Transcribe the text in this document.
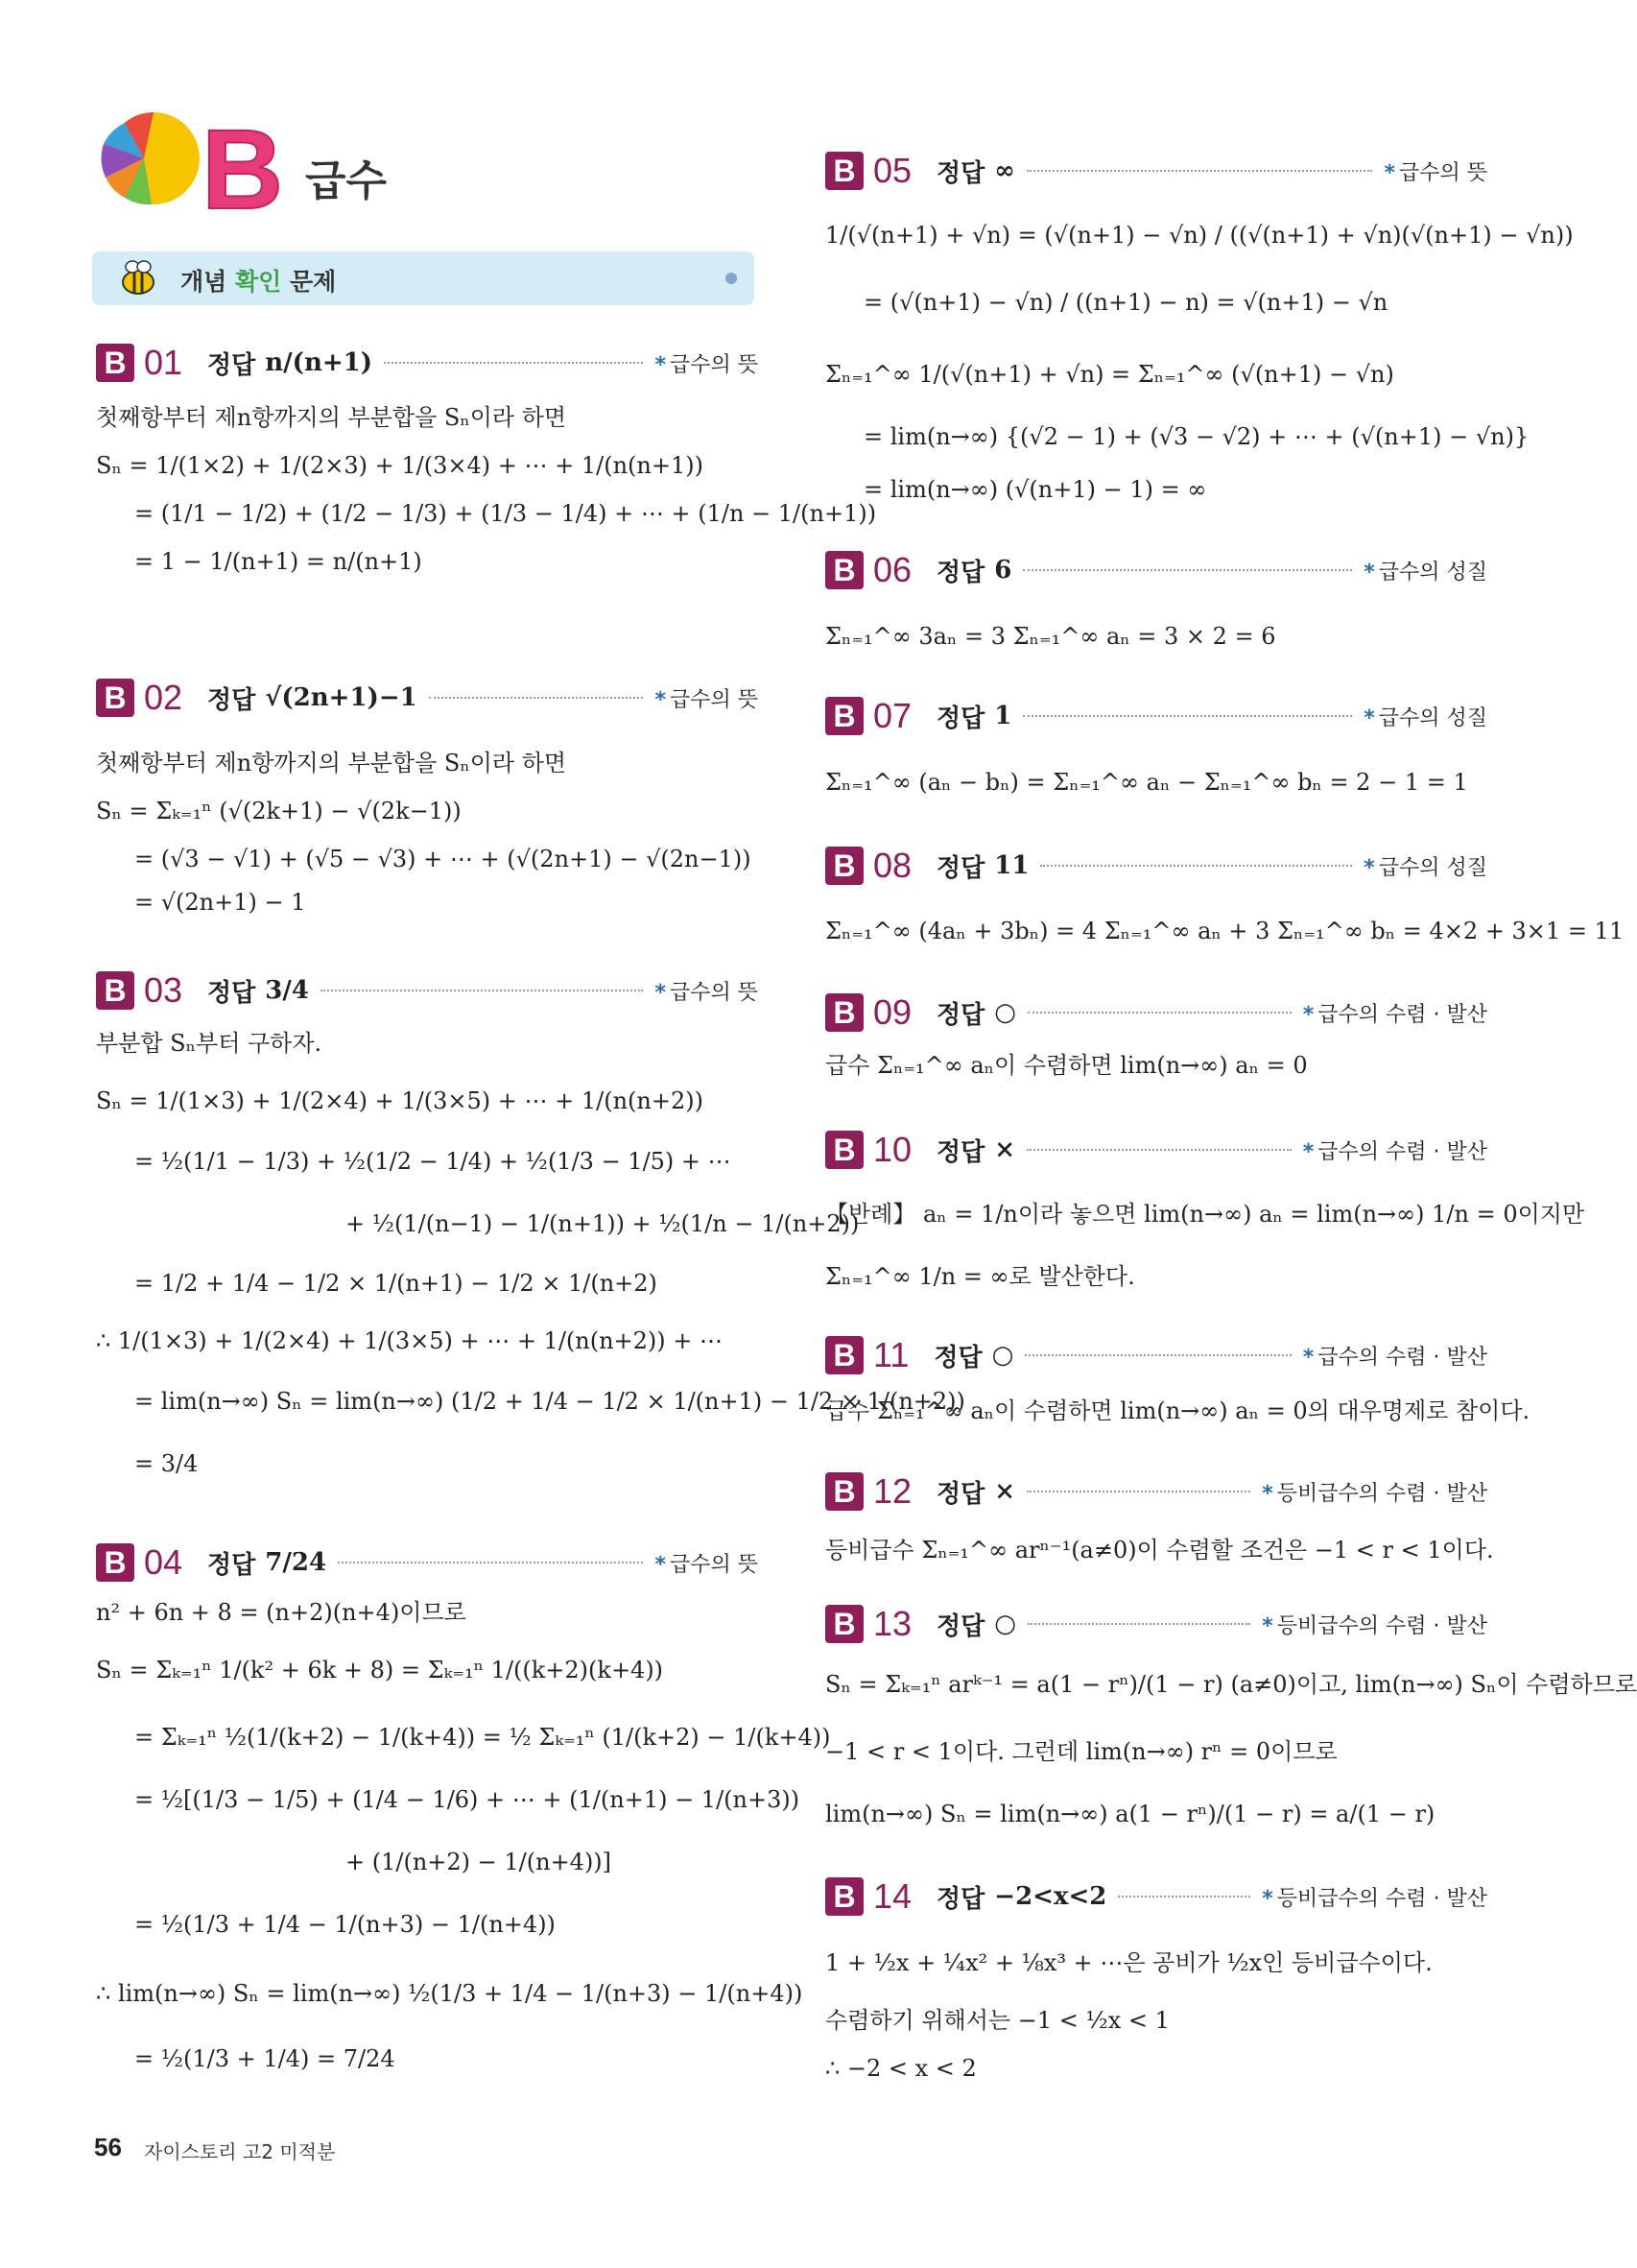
B 급수
개념 확인 문제
B 01 정답 n/(n+1)	* 급수의 뜻
첫째항부터 제n항까지의 부분합을 Sₙ이라 하면
Sₙ = 1/(1×2) + 1/(2×3) + 1/(3×4) + ⋯ + 1/(n(n+1))
= (1/1 − 1/2) + (1/2 − 1/3) + (1/3 − 1/4) + ⋯ + (1/n − 1/(n+1))
= 1 − 1/(n+1) = n/(n+1)
B 02 정답 √(2n+1)−1	* 급수의 뜻
첫째항부터 제n항까지의 부분합을 Sₙ이라 하면
Sₙ = Σₖ₌₁ⁿ (√(2k+1) − √(2k−1))
= (√3 − √1) + (√5 − √3) + ⋯ + (√(2n+1) − √(2n−1))
= √(2n+1) − 1
B 03 정답 3/4	* 급수의 뜻
부분합 Sₙ부터 구하자.
Sₙ = 1/(1×3) + 1/(2×4) + 1/(3×5) + ⋯ + 1/(n(n+2))
= ½(1/1 − 1/3) + ½(1/2 − 1/4) + ½(1/3 − 1/5) + ⋯
+ ½(1/(n−1) − 1/(n+1)) + ½(1/n − 1/(n+2))
= 1/2 + 1/4 − 1/2 × 1/(n+1) − 1/2 × 1/(n+2)
∴ 1/(1×3) + 1/(2×4) + 1/(3×5) + ⋯ + 1/(n(n+2)) + ⋯
= lim(n→∞) Sₙ = lim(n→∞) (1/2 + 1/4 − 1/2 × 1/(n+1) − 1/2 × 1/(n+2))
= 3/4
B 04 정답 7/24	* 급수의 뜻
n² + 6n + 8 = (n+2)(n+4)이므로
Sₙ = Σₖ₌₁ⁿ 1/(k² + 6k + 8) = Σₖ₌₁ⁿ 1/((k+2)(k+4))
= Σₖ₌₁ⁿ ½(1/(k+2) − 1/(k+4)) = ½ Σₖ₌₁ⁿ (1/(k+2) − 1/(k+4))
= ½[(1/3 − 1/5) + (1/4 − 1/6) + ⋯ + (1/(n+1) − 1/(n+3))
+ (1/(n+2) − 1/(n+4))]
= ½(1/3 + 1/4 − 1/(n+3) − 1/(n+4))
∴ lim(n→∞) Sₙ = lim(n→∞) ½(1/3 + 1/4 − 1/(n+3) − 1/(n+4))
= ½(1/3 + 1/4) = 7/24
B 05 정답 ∞	* 급수의 뜻
1/(√(n+1) + √n) = (√(n+1) − √n) / ((√(n+1) + √n)(√(n+1) − √n))
= (√(n+1) − √n) / ((n+1) − n) = √(n+1) − √n
Σₙ₌₁^∞ 1/(√(n+1) + √n) = Σₙ₌₁^∞ (√(n+1) − √n)
= lim(n→∞) {(√2 − 1) + (√3 − √2) + ⋯ + (√(n+1) − √n)}
= lim(n→∞) (√(n+1) − 1) = ∞
B 06 정답 6	* 급수의 성질
Σₙ₌₁^∞ 3aₙ = 3 Σₙ₌₁^∞ aₙ = 3 × 2 = 6
B 07 정답 1	* 급수의 성질
Σₙ₌₁^∞ (aₙ − bₙ) = Σₙ₌₁^∞ aₙ − Σₙ₌₁^∞ bₙ = 2 − 1 = 1
B 08 정답 11	* 급수의 성질
Σₙ₌₁^∞ (4aₙ + 3bₙ) = 4 Σₙ₌₁^∞ aₙ + 3 Σₙ₌₁^∞ bₙ = 4×2 + 3×1 = 11
B 09 정답 ○	* 급수의 수렴 · 발산
급수 Σₙ₌₁^∞ aₙ이 수렴하면 lim(n→∞) aₙ = 0
B 10 정답 ×	* 급수의 수렴 · 발산
【반례】 aₙ = 1/n이라 놓으면 lim(n→∞) aₙ = lim(n→∞) 1/n = 0이지만
Σₙ₌₁^∞ 1/n = ∞로 발산한다.
B 11 정답 ○	* 급수의 수렴 · 발산
급수 Σₙ₌₁^∞ aₙ이 수렴하면 lim(n→∞) aₙ = 0의 대우명제로 참이다.
B 12 정답 ×	* 등비급수의 수렴 · 발산
등비급수 Σₙ₌₁^∞ arⁿ⁻¹(a≠0)이 수렴할 조건은 −1 < r < 1이다.
B 13 정답 ○	* 등비급수의 수렴 · 발산
Sₙ = Σₖ₌₁ⁿ arᵏ⁻¹ = a(1 − rⁿ)/(1 − r) (a≠0)이고, lim(n→∞) Sₙ이 수렴하므로
−1 < r < 1이다. 그런데 lim(n→∞) rⁿ = 0이므로
lim(n→∞) Sₙ = lim(n→∞) a(1 − rⁿ)/(1 − r) = a/(1 − r)
B 14 정답 −2<x<2	* 등비급수의 수렴 · 발산
1 + ½x + ¼x² + ⅛x³ + ⋯은 공비가 ½x인 등비급수이다.
수렴하기 위해서는 −1 < ½x < 1
∴ −2 < x < 2
56 자이스토리 고2 미적분
